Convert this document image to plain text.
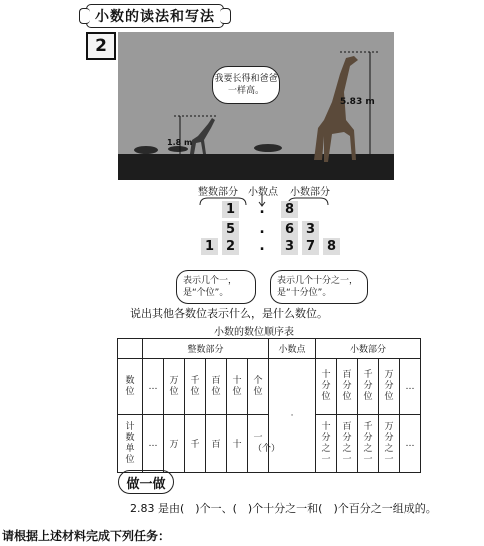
小数的读法和写法
2
我要长得和爸爸一样高。
5.83 m
1.8 m
整数部分 小数点 小数部分
1 .	8
5 .	6 3
1 2 .	3 7 8
表示几个一，是“个位”。
表示几个十分之一，是“十分位”。
说出其他各数位表示什么，是什么数位。
小数的数位顺序表
	整数部分						小数点	小数部分				

数位	…	万位	千位	百位	十位	个位	·	十分位	百分位	千分位	万分位	…

计数单位	…	万	千	百	十	一（个）		十分之一	百分之一	千分之一	万分之一	…
做一做
2.83 是由(　)个一、(　)个十分之一和(　)个百分之一组成的。
请根据上述材料完成下列任务：
